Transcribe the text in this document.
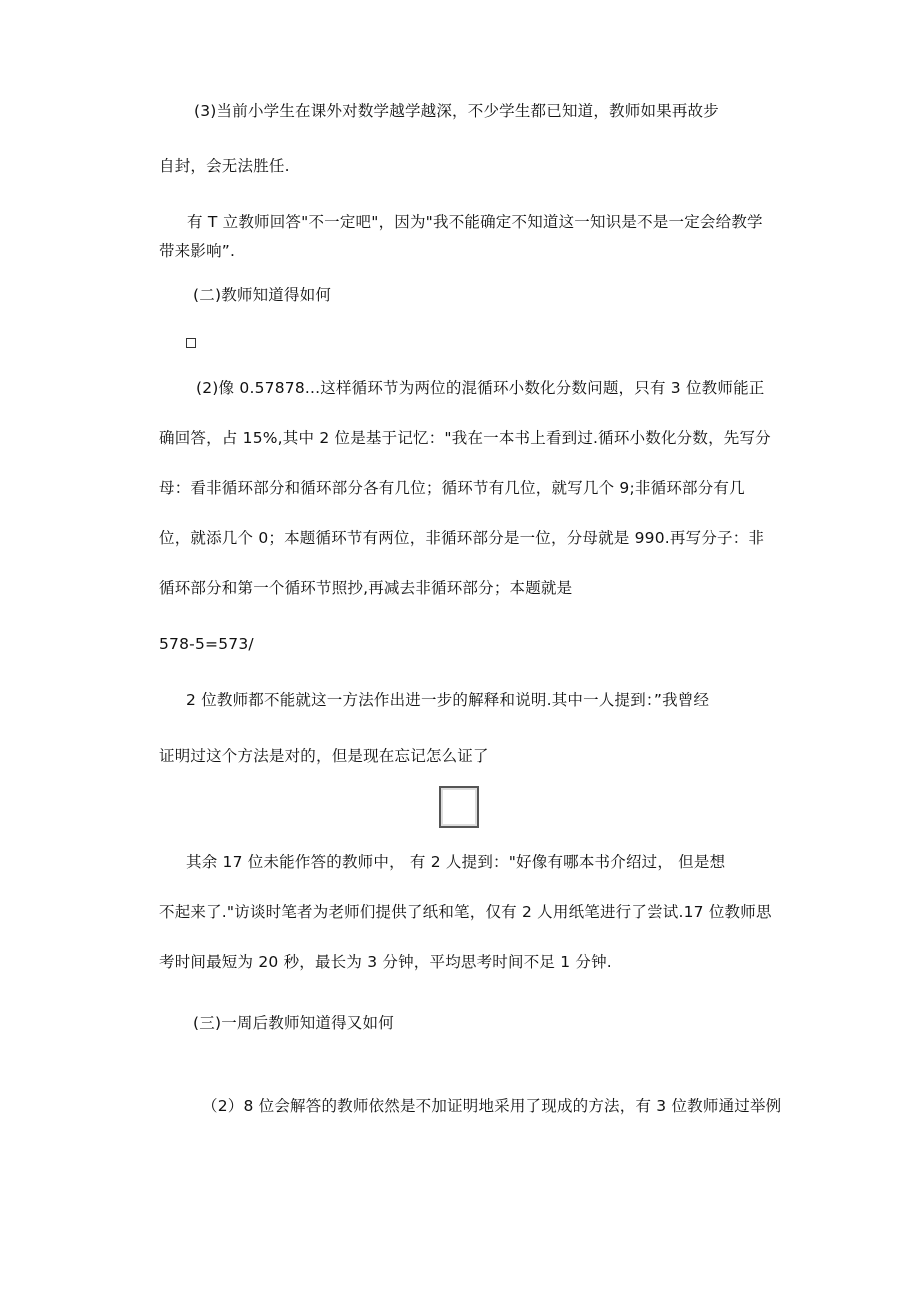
(3)当前小学生在课外对数学越学越深，不少学生都已知道，教师如果再故步
自封，会无法胜任.
有 T 立教师回答"不一定吧"，因为"我不能确定不知道这一知识是不是一定会给教学
带来影响”.
(二)教师知道得如何
(2)像 0.57878...这样循环节为两位的混循环小数化分数问题，只有 3 位教师能正
确回答，占 15%,其中 2 位是基于记忆："我在一本书上看到过.循环小数化分数，先写分
母：看非循环部分和循环部分各有几位；循环节有几位，就写几个 9;非循环部分有几
位，就添几个 0；本题循环节有两位，非循环部分是一位，分母就是 990.再写分子：非
循环部分和第一个循环节照抄,再减去非循环部分；本题就是
578-5=573/
2 位教师都不能就这一方法作出进一步的解释和说明.其中一人提到：”我曾经
证明过这个方法是对的，但是现在忘记怎么证了
其余 17 位未能作答的教师中， 有 2 人提到："好像有哪本书介绍过， 但是想
不起来了."访谈时笔者为老师们提供了纸和笔，仅有 2 人用纸笔进行了尝试.17 位教师思
考时间最短为 20 秒，最长为 3 分钟，平均思考时间不足 1 分钟.
(三)一周后教师知道得又如何
（2）8 位会解答的教师依然是不加证明地采用了现成的方法，有 3 位教师通过举例
